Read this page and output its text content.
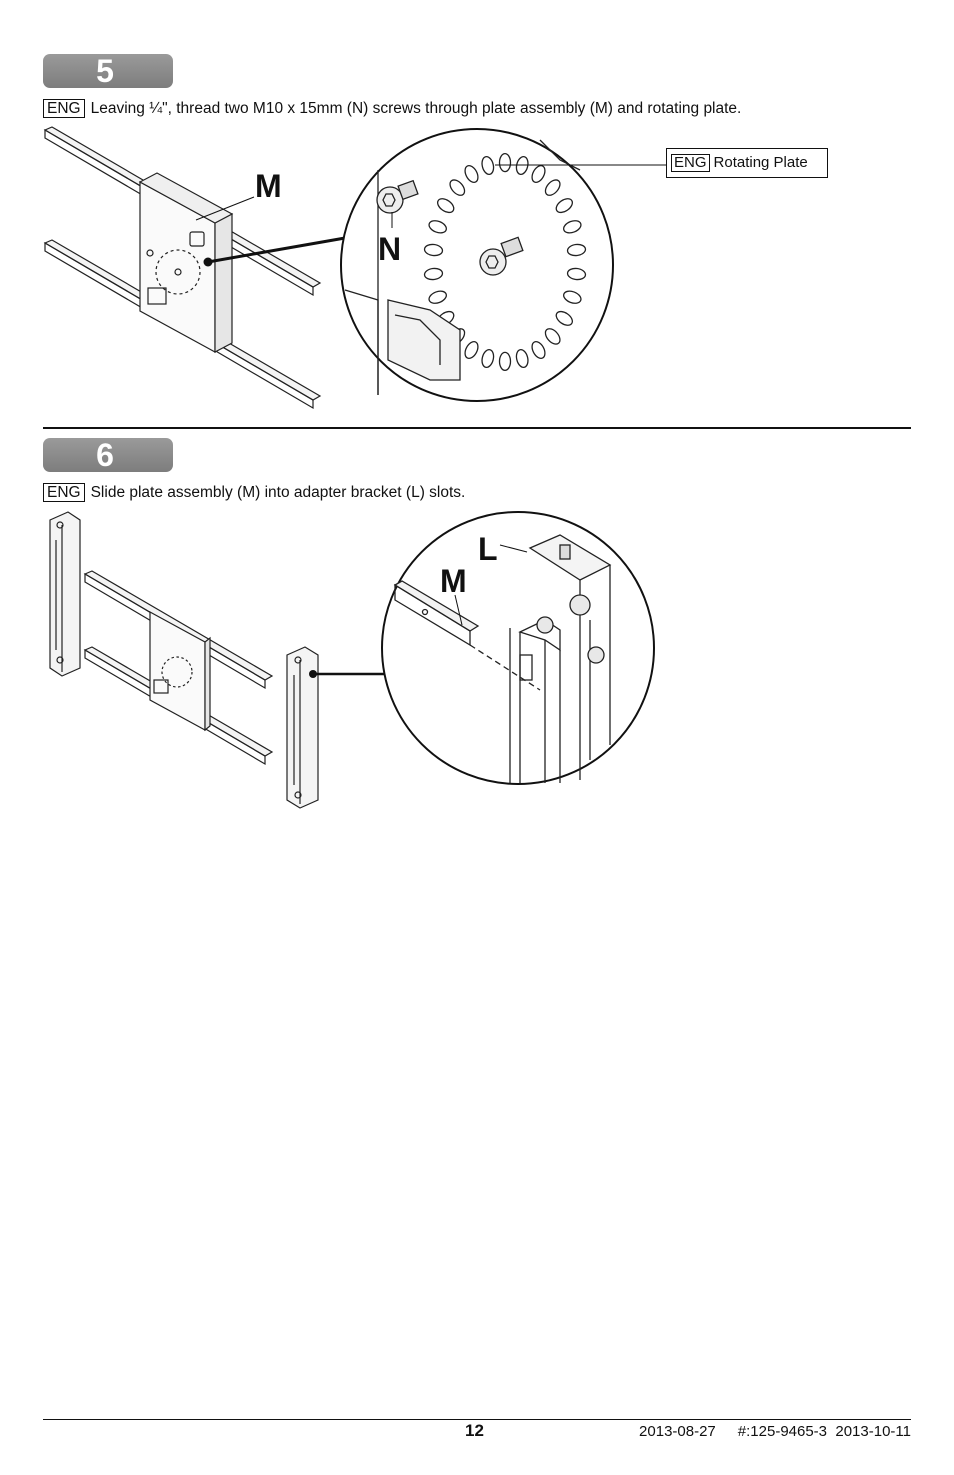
5
ENG Leaving ¼", thread two M10 x 15mm (N) screws through plate assembly (M) and rotating plate.
M
N
ENG Rotating Plate
6
ENG Slide plate assembly (M) into adapter bracket (L) slots.
L
M
12	2013-08-27 #:125-9465-3 2013-10-11
